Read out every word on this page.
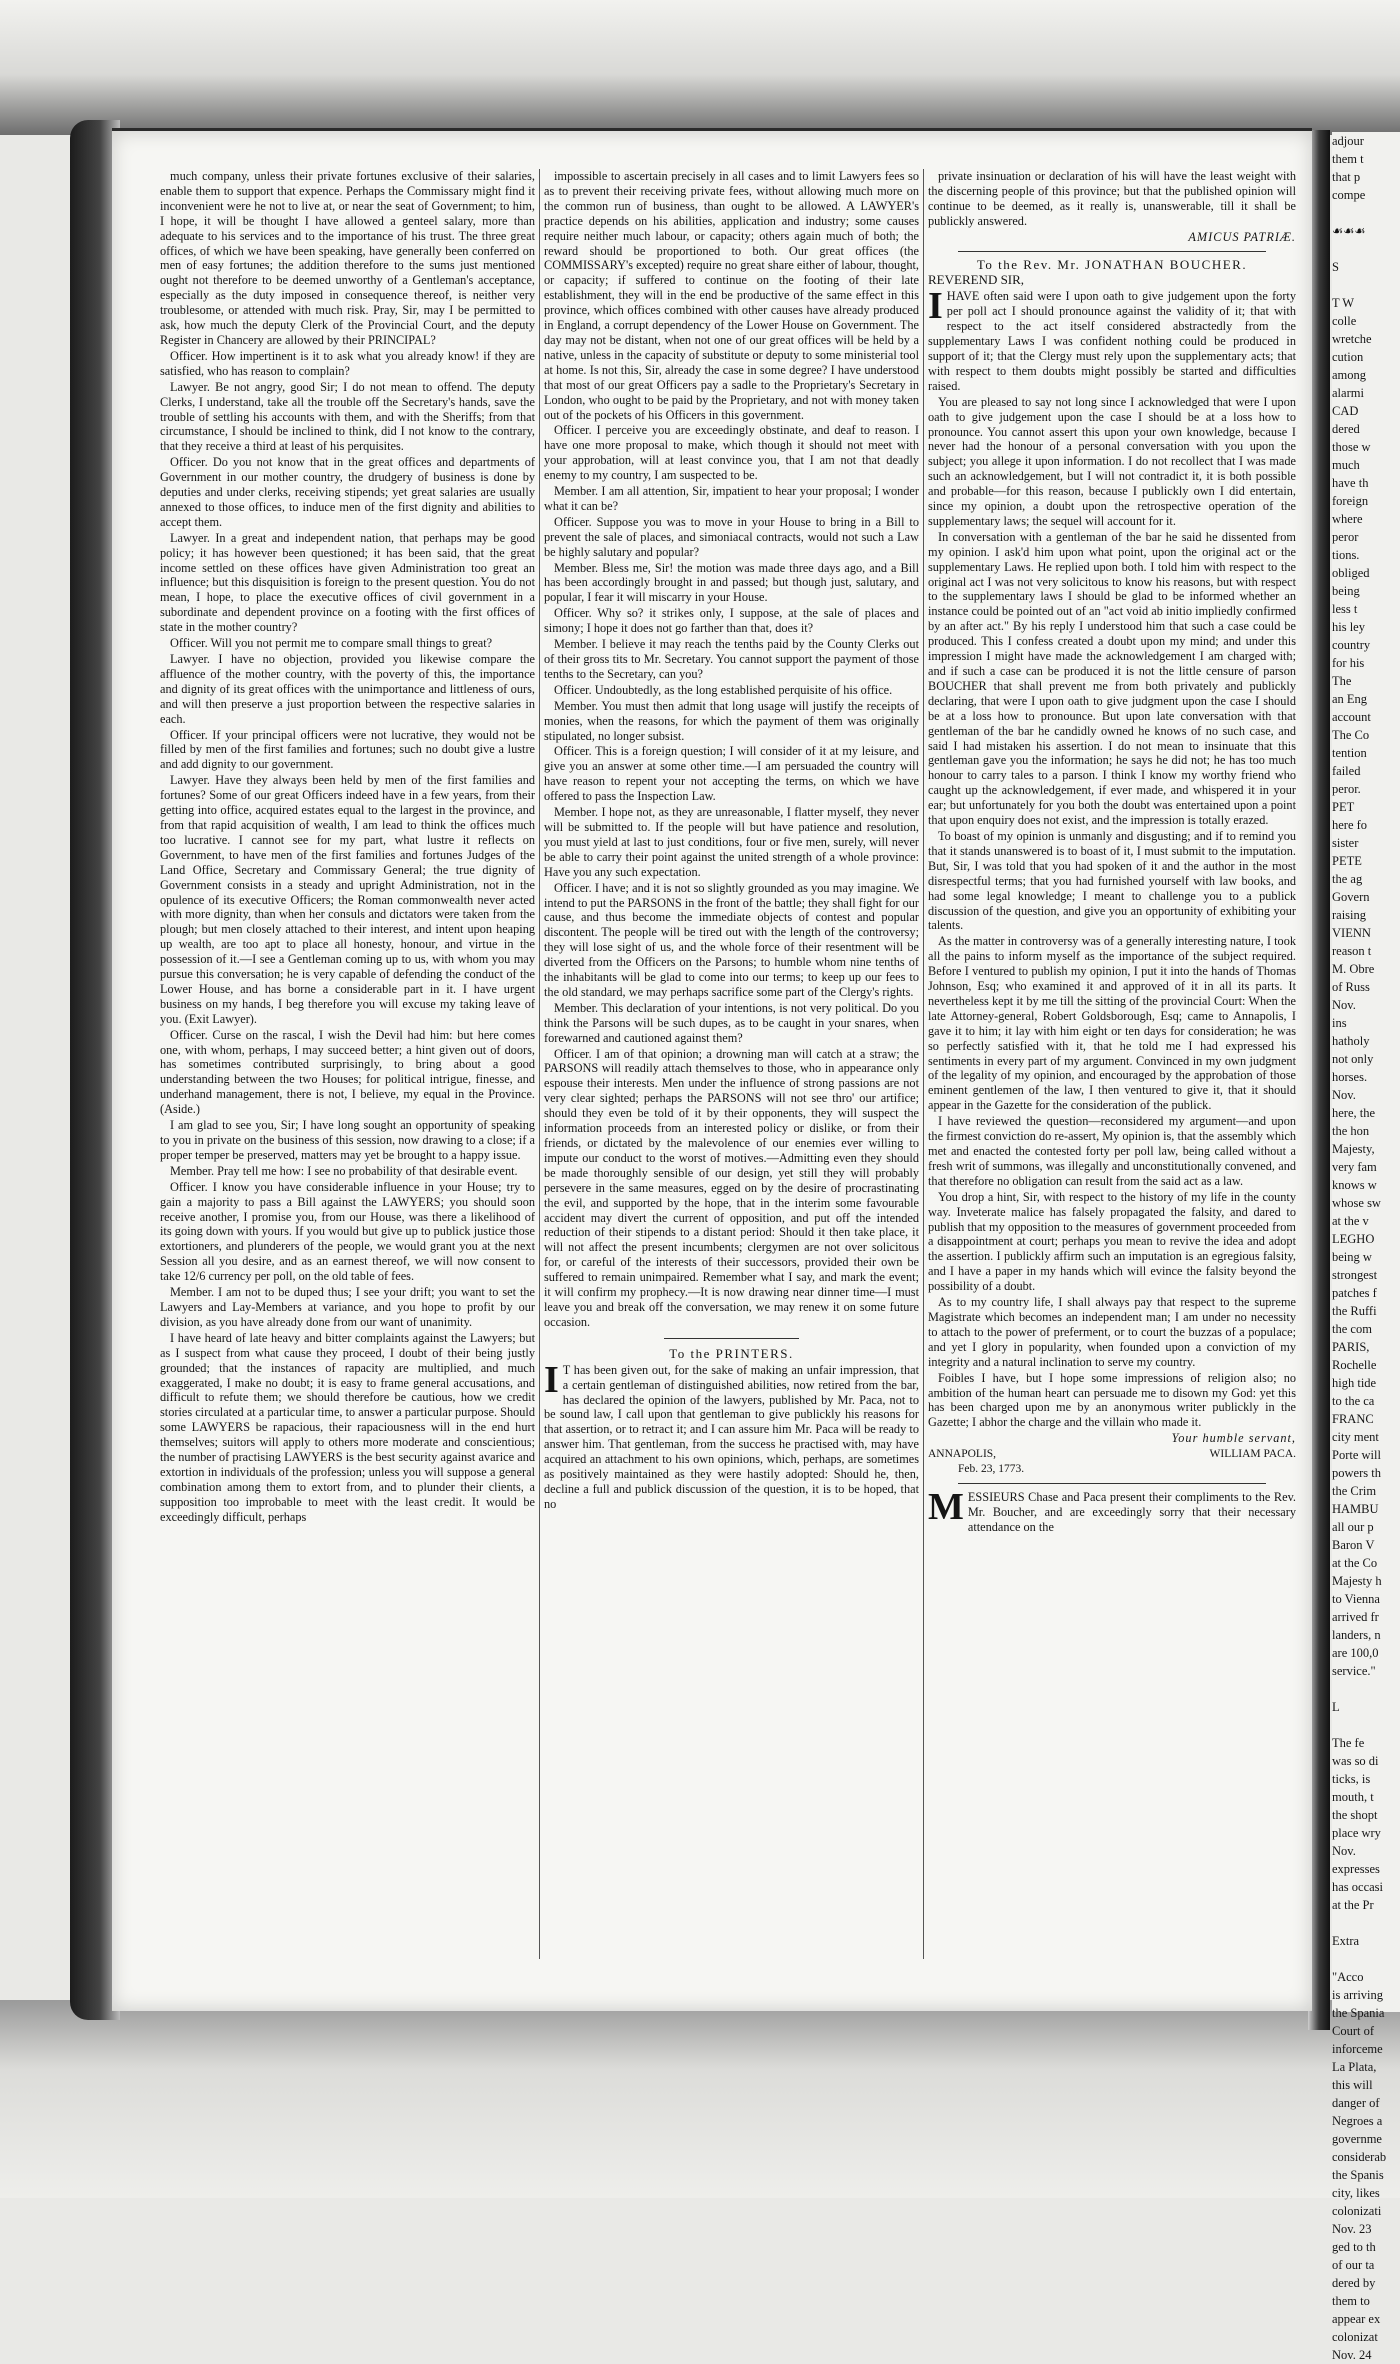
much company, unless their private fortunes exclusive of their salaries, enable them to support that expence. Perhaps the Commissary might find it inconvenient were he not to live at, or near the seat of Government; to him, I hope, it will be thought I have allowed a genteel salary, more than adequate to his services and to the importance of his trust. The three great offices, of which we have been speaking, have generally been conferred on men of easy fortunes; the addition therefore to the sums just mentioned ought not therefore to be deemed unworthy of a Gentleman's acceptance, especially as the duty imposed in consequence thereof, is neither very troublesome, or attended with much risk. Pray, Sir, may I be permitted to ask, how much the deputy Clerk of the Provincial Court, and the deputy Register in Chancery are allowed by their PRINCIPAL?

Officer. How impertinent is it to ask what you already know! if they are satisfied, who has reason to complain?

Lawyer. Be not angry, good Sir; I do not mean to offend. The deputy Clerks, I understand, take all the trouble off the Secretary's hands, save the trouble of settling his accounts with them, and with the Sheriffs; from that circumstance, I should be inclined to think, did I not know to the contrary, that they receive a third at least of his perquisites.

Officer. Do you not know that in the great offices and departments of Government in our mother country, the drudgery of business is done by deputies and under clerks, receiving stipends; yet great salaries are usually annexed to those offices, to induce men of the first dignity and abilities to accept them.

Lawyer. In a great and independent nation, that perhaps may be good policy; it has however been questioned; it has been said, that the great income settled on these offices have given Administration too great an influence; but this disquisition is foreign to the present question. You do not mean, I hope, to place the executive offices of civil government in a subordinate and dependent province on a footing with the first offices of state in the mother country?

Officer. Will you not permit me to compare small things to great?

Lawyer. I have no objection, provided you likewise compare the affluence of the mother country, with the poverty of this, the importance and dignity of its great offices with the unimportance and littleness of ours, and will then preserve a just proportion between the respective salaries in each.

Officer. If your principal officers were not lucrative, they would not be filled by men of the first families and fortunes; such no doubt give a lustre and add dignity to our government.

Lawyer. Have they always been held by men of the first families and fortunes? Some of our great Officers indeed have in a few years, from their getting into office, acquired estates equal to the largest in the province, and from that rapid acquisition of wealth, I am lead to think the offices much too lucrative. I cannot see for my part, what lustre it reflects on Government, to have men of the first families and fortunes Judges of the Land Office, Secretary and Commissary General; the true dignity of Government consists in a steady and upright Administration, not in the opulence of its executive Officers; the Roman commonwealth never acted with more dignity, than when her consuls and dictators were taken from the plough; but men closely attached to their interest, and intent upon heaping up wealth, are too apt to place all honesty, honour, and virtue in the possession of it.—I see a Gentleman coming up to us, with whom you may pursue this conversation; he is very capable of defending the conduct of the Lower House, and has borne a considerable part in it. I have urgent business on my hands, I beg therefore you will excuse my taking leave of you. (Exit Lawyer).

Officer. Curse on the rascal, I wish the Devil had him: but here comes one, with whom, perhaps, I may succeed better; a hint given out of doors, has sometimes contributed surprisingly, to bring about a good understanding between the two Houses; for political intrigue, finesse, and underhand management, there is not, I believe, my equal in the Province. (Aside.)

I am glad to see you, Sir; I have long sought an opportunity of speaking to you in private on the business of this session, now drawing to a close; if a proper temper be preserved, matters may yet be brought to a happy issue.

Member. Pray tell me how: I see no probability of that desirable event.

Officer. I know you have considerable influence in your House; try to gain a majority to pass a Bill against the LAWYERS; you should soon receive another, I promise you, from our House, was there a likelihood of its going down with yours. If you would but give up to publick justice those extortioners, and plunderers of the people, we would grant you at the next Session all you desire, and as an earnest thereof, we will now consent to take 12/6 currency per poll, on the old table of fees.

Member. I am not to be duped thus; I see your drift; you want to set the Lawyers and Lay-Members at variance, and you hope to profit by our division, as you have already done from our want of unanimity.

I have heard of late heavy and bitter complaints against the Lawyers; but as I suspect from what cause they proceed, I doubt of their being justly grounded; that the instances of rapacity are multiplied, and much exaggerated, I make no doubt; it is easy to frame general accusations, and difficult to refute them; we should therefore be cautious, how we credit stories circulated at a particular time, to answer a particular purpose. Should some LAWYERS be rapacious, their rapaciousness will in the end hurt themselves; suitors will apply to others more moderate and conscientious; the number of practising LAWYERS is the best security against avarice and extortion in individuals of the profession; unless you will suppose a general combination among them to extort from, and to plunder their clients, a supposition too improbable to meet with the least credit. It would be exceedingly difficult, perhaps

impossible to ascertain precisely in all cases and to limit Lawyers fees so as to prevent their receiving private fees, without allowing much more on the common run of business, than ought to be allowed. A LAWYER's practice depends on his abilities, application and industry; some causes require neither much labour, or capacity; others again much of both; the reward should be proportioned to both. Our great offices (the COMMISSARY's excepted) require no great share either of labour, thought, or capacity; if suffered to continue on the footing of their late establishment, they will in the end be productive of the same effect in this province, which offices combined with other causes have already produced in England, a corrupt dependency of the Lower House on Government. The day may not be distant, when not one of our great offices will be held by a native, unless in the capacity of substitute or deputy to some ministerial tool at home. Is not this, Sir, already the case in some degree? I have understood that most of our great Officers pay a sadle to the Proprietary's Secretary in London, who ought to be paid by the Proprietary, and not with money taken out of the pockets of his Officers in this government.

Officer. I perceive you are exceedingly obstinate, and deaf to reason. I have one more proposal to make, which though it should not meet with your approbation, will at least convince you, that I am not that deadly enemy to my country, I am suspected to be.

Member. I am all attention, Sir, impatient to hear your proposal; I wonder what it can be?

Officer. Suppose you was to move in your House to bring in a Bill to prevent the sale of places, and simoniacal contracts, would not such a Law be highly salutary and popular?

Member. Bless me, Sir! the motion was made three days ago, and a Bill has been accordingly brought in and passed; but though just, salutary, and popular, I fear it will miscarry in your House.

Officer. Why so? it strikes only, I suppose, at the sale of places and simony; I hope it does not go farther than that, does it?

Member. I believe it may reach the tenths paid by the County Clerks out of their gross tits to Mr. Secretary. You cannot support the payment of those tenths to the Secretary, can you?

Officer. Undoubtedly, as the long established perquisite of his office.

Member. You must then admit that long usage will justify the receipts of monies, when the reasons, for which the payment of them was originally stipulated, no longer subsist.

Officer. This is a foreign question; I will consider of it at my leisure, and give you an answer at some other time.—I am persuaded the country will have reason to repent your not accepting the terms, on which we have offered to pass the Inspection Law.

Member. I hope not, as they are unreasonable, I flatter myself, they never will be submitted to. If the people will but have patience and resolution, you must yield at last to just conditions, four or five men, surely, will never be able to carry their point against the united strength of a whole province: Have you any such expectation.

Officer. I have; and it is not so slightly grounded as you may imagine. We intend to put the PARSONS in the front of the battle; they shall fight for our cause, and thus become the immediate objects of contest and popular discontent. The people will be tired out with the length of the controversy; they will lose sight of us, and the whole force of their resentment will be diverted from the Officers on the Parsons; to humble whom nine tenths of the inhabitants will be glad to come into our terms; to keep up our fees to the old standard, we may perhaps sacrifice some part of the Clergy's rights.

Member. This declaration of your intentions, is not very political. Do you think the Parsons will be such dupes, as to be caught in your snares, when forewarned and cautioned against them?

Officer. I am of that opinion; a drowning man will catch at a straw; the PARSONS will readily attach themselves to those, who in appearance only espouse their interests. Men under the influence of strong passions are not very clear sighted; perhaps the PARSONS will not see thro' our artifice; should they even be told of it by their opponents, they will suspect the information proceeds from an interested policy or dislike, or from their friends, or dictated by the malevolence of our enemies ever willing to impute our conduct to the worst of motives.—Admitting even they should be made thoroughly sensible of our design, yet still they will probably persevere in the same measures, egged on by the desire of procrastinating the evil, and supported by the hope, that in the interim some favourable accident may divert the current of opposition, and put off the intended reduction of their stipends to a distant period: Should it then take place, it will not affect the present incumbents; clergymen are not over solicitous for, or careful of the interests of their successors, provided their own be suffered to remain unimpaired. Remember what I say, and mark the event; it will confirm my prophecy.—It is now drawing near dinner time—I must leave you and break off the conversation, we may renew it on some future occasion.

To the PRINTERS.

I T has been given out, for the sake of making an unfair impression, that a certain gentleman of distinguished abilities, now retired from the bar, has declared the opinion of the lawyers, published by Mr. Paca, not to be sound law, I call upon that gentleman to give publickly his reasons for that assertion, or to retract it; and I can assure him Mr. Paca will be ready to answer him. That gentleman, from the success he practised with, may have acquired an attachment to his own opinions, which, perhaps, are sometimes as positively maintained as they were hastily adopted: Should he, then, decline a full and publick discussion of the question, it is to be hoped, that no

private insinuation or declaration of his will have the least weight with the discerning people of this province; but that the published opinion will continue to be deemed, as it really is, unanswerable, till it shall be publickly answered.

AMICUS PATRIÆ.

To the Rev. Mr. JONATHAN BOUCHER.

REVEREND SIR,

IHAVE often said were I upon oath to give judgement upon the forty per poll act I should pronounce against the validity of it; that with respect to the act itself considered abstractedly from the supplementary Laws I was confident nothing could be produced in support of it; that the Clergy must rely upon the supplementary acts; that with respect to them doubts might possibly be started and difficulties raised.

You are pleased to say not long since I acknowledged that were I upon oath to give judgement upon the case I should be at a loss how to pronounce. You cannot assert this upon your own knowledge, because I never had the honour of a personal conversation with you upon the subject; you allege it upon information. I do not recollect that I was made such an acknowledgement, but I will not contradict it, it is both possible and probable—for this reason, because I publickly own I did entertain, since my opinion, a doubt upon the retrospective operation of the supplementary laws; the sequel will account for it.

In conversation with a gentleman of the bar he said he dissented from my opinion. I ask'd him upon what point, upon the original act or the supplementary Laws. He replied upon both. I told him with respect to the original act I was not very solicitous to know his reasons, but with respect to the supplementary laws I should be glad to be informed whether an instance could be pointed out of an "act void ab initio impliedly confirmed by an after act." By his reply I understood him that such a case could be produced. This I confess created a doubt upon my mind; and under this impression I might have made the acknowledgement I am charged with; and if such a case can be produced it is not the little censure of parson BOUCHER that shall prevent me from both privately and publickly declaring, that were I upon oath to give judgment upon the case I should be at a loss how to pronounce. But upon late conversation with that gentleman of the bar he candidly owned he knows of no such case, and said I had mistaken his assertion. I do not mean to insinuate that this gentleman gave you the information; he says he did not; he has too much honour to carry tales to a parson. I think I know my worthy friend who caught up the acknowledgement, if ever made, and whispered it in your ear; but unfortunately for you both the doubt was entertained upon a point that upon enquiry does not exist, and the impression is totally erazed.

To boast of my opinion is unmanly and disgusting; and if to remind you that it stands unanswered is to boast of it, I must submit to the imputation. But, Sir, I was told that you had spoken of it and the author in the most disrespectful terms; that you had furnished yourself with law books, and had some legal knowledge; I meant to challenge you to a publick discussion of the question, and give you an opportunity of exhibiting your talents.

As the matter in controversy was of a generally interesting nature, I took all the pains to inform myself as the importance of the subject required. Before I ventured to publish my opinion, I put it into the hands of Thomas Johnson, Esq; who examined it and approved of it in all its parts. It nevertheless kept it by me till the sitting of the provincial Court: When the late Attorney-general, Robert Goldsborough, Esq; came to Annapolis, I gave it to him; it lay with him eight or ten days for consideration; he was so perfectly satisfied with it, that he told me I had expressed his sentiments in every part of my argument. Convinced in my own judgment of the legality of my opinion, and encouraged by the approbation of those eminent gentlemen of the law, I then ventured to give it, that it should appear in the Gazette for the consideration of the publick.

I have reviewed the question—reconsidered my argument—and upon the firmest conviction do re-assert, My opinion is, that the assembly which met and enacted the contested forty per poll law, being called without a fresh writ of summons, was illegally and unconstitutionally convened, and that therefore no obligation can result from the said act as a law.

You drop a hint, Sir, with respect to the history of my life in the county way. Inveterate malice has falsely propagated the falsity, and dared to publish that my opposition to the measures of government proceeded from a disappointment at court; perhaps you mean to revive the idea and adopt the assertion. I publickly affirm such an imputation is an egregious falsity, and I have a paper in my hands which will evince the falsity beyond the possibility of a doubt.

As to my country life, I shall always pay that respect to the supreme Magistrate which becomes an independent man; I am under no necessity to attach to the power of preferment, or to court the buzzas of a populace; and yet I glory in popularity, when founded upon a conviction of my integrity and a natural inclination to serve my country.

Foibles I have, but I hope some impressions of religion also; no ambition of the human heart can persuade me to disown my God: yet this has been charged upon me by an anonymous writer publickly in the Gazette; I abhor the charge and the villain who made it.

Your humble servant,

ANNAPOLIS,	WILLIAM PACA.

Feb. 23, 1773.

MESSIEURS Chase and Paca present their compliments to the Rev. Mr. Boucher, and are exceedingly sorry that their necessary attendance on the

adjour

them t

that p

compe

☙☙☙

S

T W

colle

wretche

cution

among

alarmi

CAD

dered

those w

much

have th

foreign

where

peror

tions.

obliged

being

less t

his ley

country

for his

The

an Eng

account

The Co

tention

failed

peror.

PET

here fo

sister

PETE

the ag

Govern

raising

VIENN

reason t

M. Obre

of Russ

Nov.

ins

hatholy

not only

horses.

Nov.

here, the

the hon

Majesty,

very fam

knows w

whose sw

at the v

LEGHO

being w

strongest

patches f

the Ruffi

the com

PARIS,

Rochelle

high tide

to the ca

FRANC

city ment

Porte will

powers th

the Crim

HAMBU

all our p

Baron V

at the Co

Majesty h

to Vienna

arrived fr

landers, n

are 100,0

service."

L

The fe

was so di

ticks, is

mouth, t

the shopt

place wry

Nov.

expresses

has occasi

at the Pr

Extra

"Acco

is arriving

the Spania

Court of

inforceme

La Plata,

this will

danger of

Negroes a

governme

considerab

the Spanis

city, likes

colonizati

Nov. 23

ged to th

of our ta

dered by

them to

appear ex

colonizat

Nov. 24
